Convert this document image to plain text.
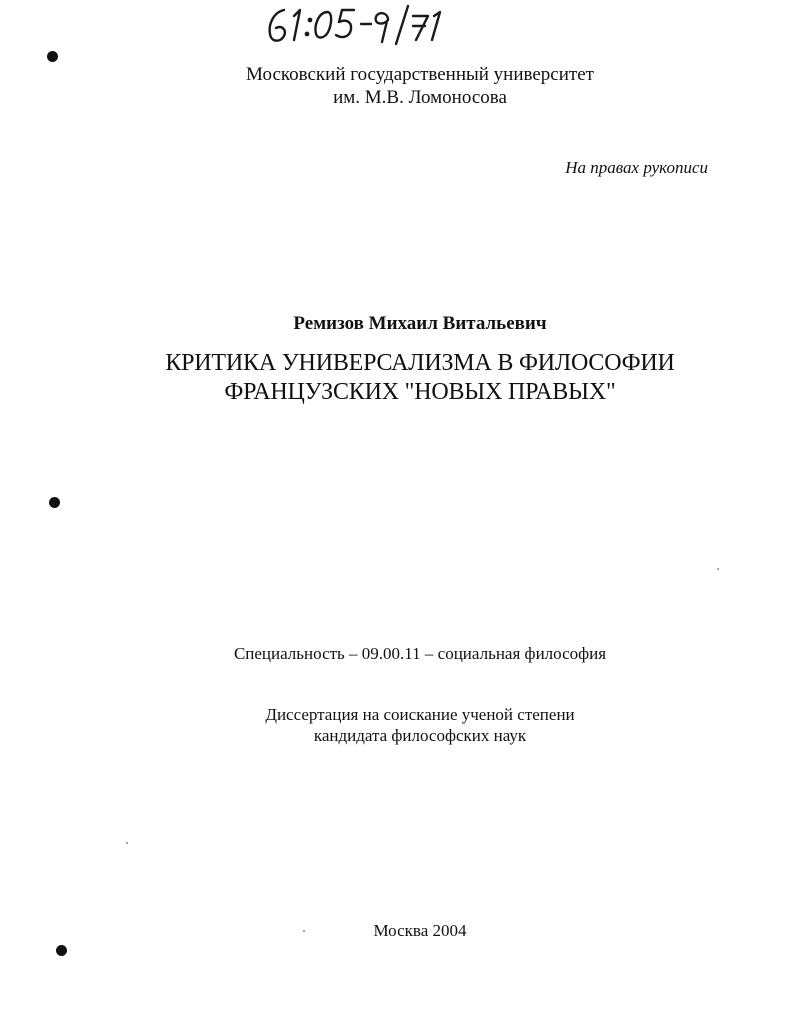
Московский государственный университет
им. М.В. Ломоносова
На правах рукописи
Ремизов Михаил Витальевич
КРИТИКА УНИВЕРСАЛИЗМА В ФИЛОСОФИИ
ФРАНЦУЗСКИХ "НОВЫХ ПРАВЫХ"
Специальность – 09.00.11 – социальная философия
Диссертация на соискание ученой степени
кандидата философских наук
Москва 2004
